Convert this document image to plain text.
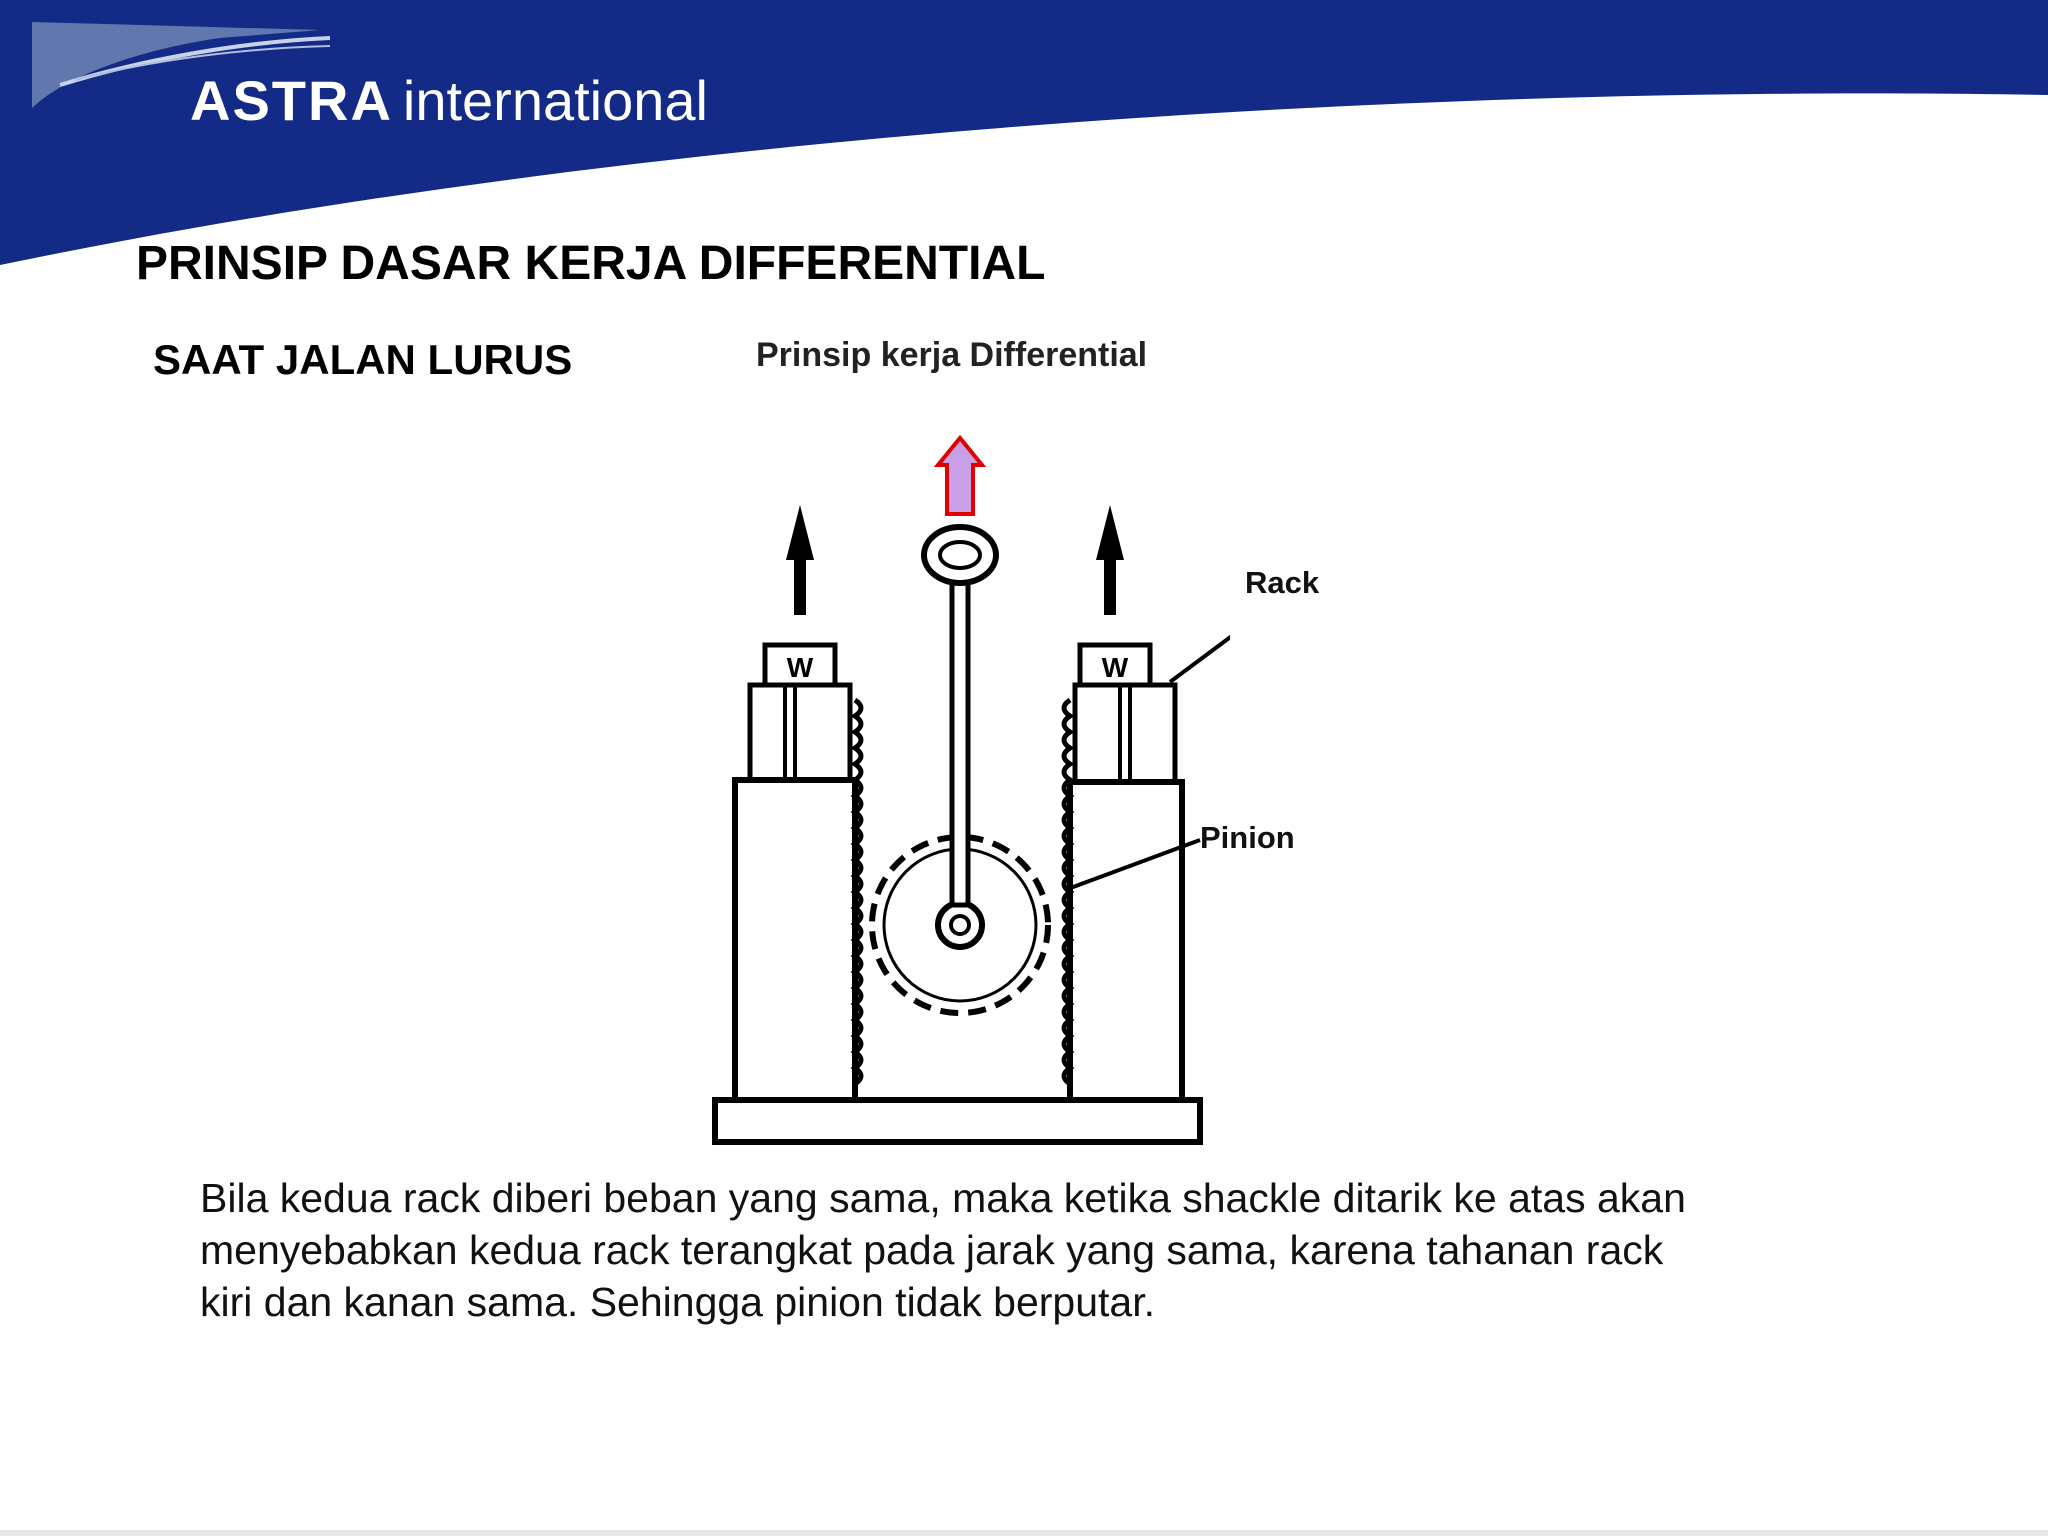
ASTRA international
PRINSIP DASAR KERJA DIFFERENTIAL
SAAT JALAN LURUS	Prinsip kerja Differential
W	W
Rack
Pinion
Bila kedua rack diberi beban yang sama, maka ketika shackle ditarik ke atas akan
menyebabkan kedua rack terangkat pada jarak yang sama, karena tahanan rack
kiri dan kanan sama. Sehingga pinion tidak berputar.
